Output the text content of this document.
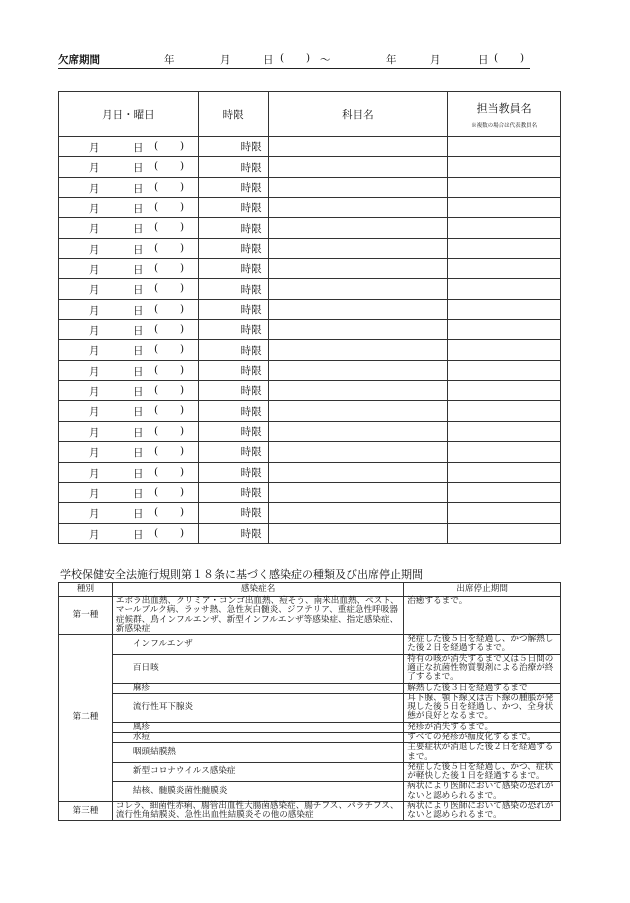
欠席期間	年	月	日 ( ) 〜	年	月	日 ( )
月日・曜日	時限	科目名	担当教員名
※複数の場合は代表教員名

月 日 ( )	時限		

月 日 ( )	時限		

月 日 ( )	時限		

月 日 ( )	時限		

月 日 ( )	時限		

月 日 ( )	時限		

月 日 ( )	時限		

月 日 ( )	時限		

月 日 ( )	時限		

月 日 ( )	時限		

月 日 ( )	時限		

月 日 ( )	時限		

月 日 ( )	時限		

月 日 ( )	時限		

月 日 ( )	時限		

月 日 ( )	時限		

月 日 ( )	時限		

月 日 ( )	時限		

月 日 ( )	時限		

月 日 ( )	時限		
学校保健安全法施行規則第１８条に基づく感染症の種類及び出席停止期間
種別	感染症名	出席停止期間
第一種	エボラ出血熱、クリミア・コンゴ出血熱、痘そう、南米出血熱、ペスト、マールブルク病、ラッサ熱、急性灰白髄炎、ジフテリア、重症急性呼吸器症候群、鳥インフルエンザ、新型インフルエンザ等感染症、指定感染症、新感染症	治癒するまで。
第二種	インフルエンザ	発症した後５日を経過し、かつ解熱した後２日を経過するまで。
	百日咳	特有の咳が消失するまで又は５日間の適正な抗菌性物質製剤による治療が終了するまで。
	麻疹	解熱した後３日を経過するまで
	流行性耳下腺炎	耳下腺、顎下線又は舌下線の腫脹が発現した後５日を経過し、かつ、全身状態が良好となるまで。
	風疹	発疹が消失するまで。
	水痘	すべての発疹が痂皮化するまで。
	咽頭結膜熱	主要症状が消退した後２日を経過するまで。
	新型コロナウイルス感染症	発症した後５日を経過し、かつ、症状が軽快した後１日を経過するまで。
	結核、髄膜炎菌性髄膜炎	病状により医師において感染の恐れがないと認められるまで。
第三種	コレラ、細菌性赤痢、腸管出血性大腸菌感染症、腸チフス、パラチフス、流行性角結膜炎、急性出血性結膜炎その他の感染症	病状により医師において感染の恐れがないと認められるまで。
